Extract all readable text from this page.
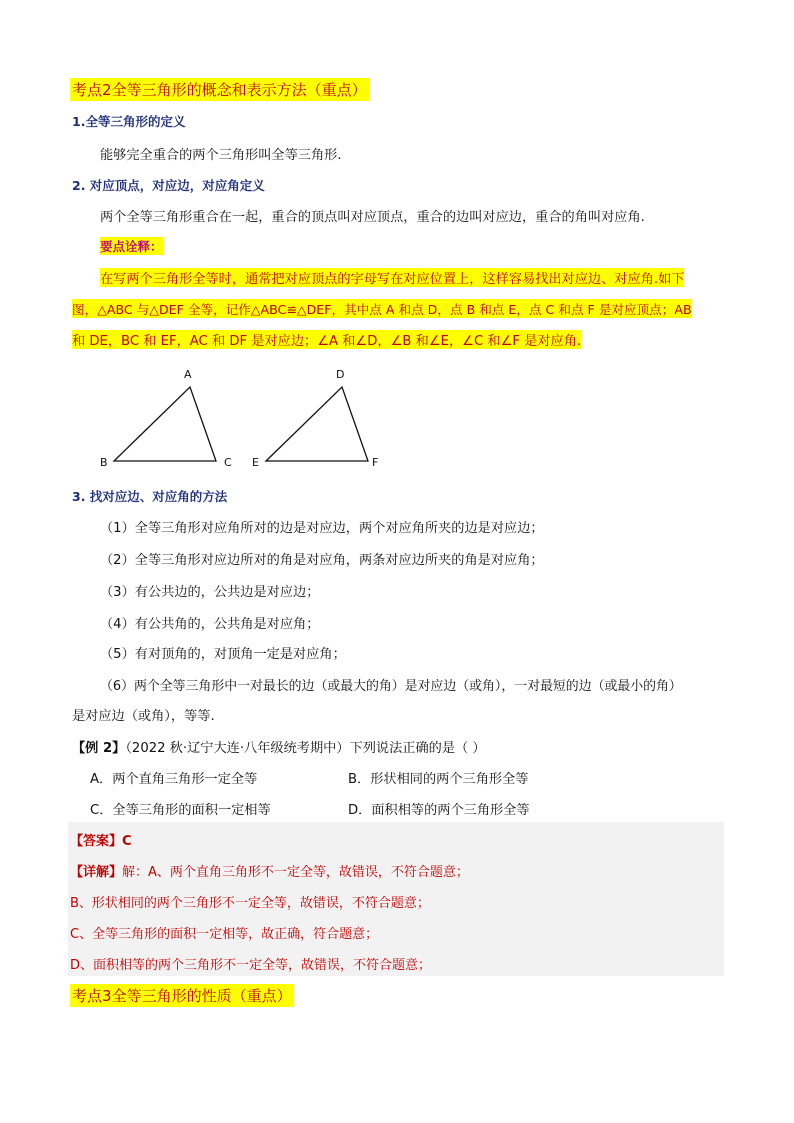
考点2全等三角形的概念和表示方法（重点）
1.全等三角形的定义
能够完全重合的两个三角形叫全等三角形.
2. 对应顶点，对应边，对应角定义
两个全等三角形重合在一起，重合的顶点叫对应顶点，重合的边叫对应边，重合的角叫对应角.
要点诠释：
在写两个三角形全等时，通常把对应顶点的字母写在对应位置上，这样容易找出对应边、对应角.如下
图，△ABC 与△DEF 全等，记作△ABC≌△DEF，其中点 A 和点 D，点 B 和点 E，点 C 和点 F 是对应顶点；AB
和 DE，BC 和 EF，AC 和 DF 是对应边；∠A 和∠D，∠B 和∠E，∠C 和∠F 是对应角.
A
B	C
D
E	F
3. 找对应边、对应角的方法
（1）全等三角形对应角所对的边是对应边，两个对应角所夹的边是对应边；
（2）全等三角形对应边所对的角是对应角，两条对应边所夹的角是对应角；
（3）有公共边的，公共边是对应边；
（4）有公共角的，公共角是对应角；
（5）有对顶角的，对顶角一定是对应角；
（6）两个全等三角形中一对最长的边（或最大的角）是对应边（或角），一对最短的边（或最小的角）
是对应边（或角），等等.
【例 2】（2022 秋·辽宁大连·八年级统考期中）下列说法正确的是（ ）
A．两个直角三角形一定全等	B．形状相同的两个三角形全等
C．全等三角形的面积一定相等	D．面积相等的两个三角形全等
【答案】C
【详解】解：A、两个直角三角形不一定全等，故错误，不符合题意；
B、形状相同的两个三角形不一定全等，故错误，不符合题意；
C、全等三角形的面积一定相等，故正确，符合题意；
D、面积相等的两个三角形不一定全等，故错误，不符合题意；
考点3全等三角形的性质（重点）
